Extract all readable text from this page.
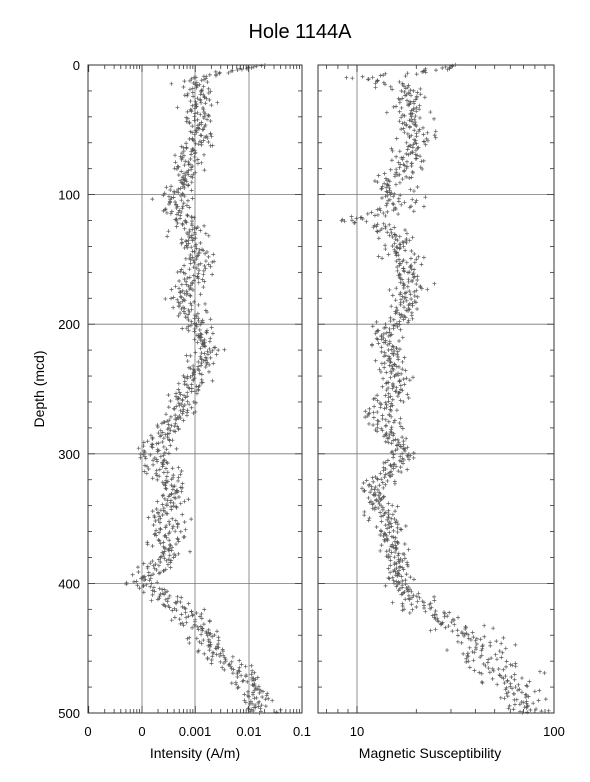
Hole 1144A
0
100
200
300
400
500
0	0	0.001 0.01 0.1	10	100
Depth (mcd)
Intensity (A/m)	Magnetic Susceptibility
